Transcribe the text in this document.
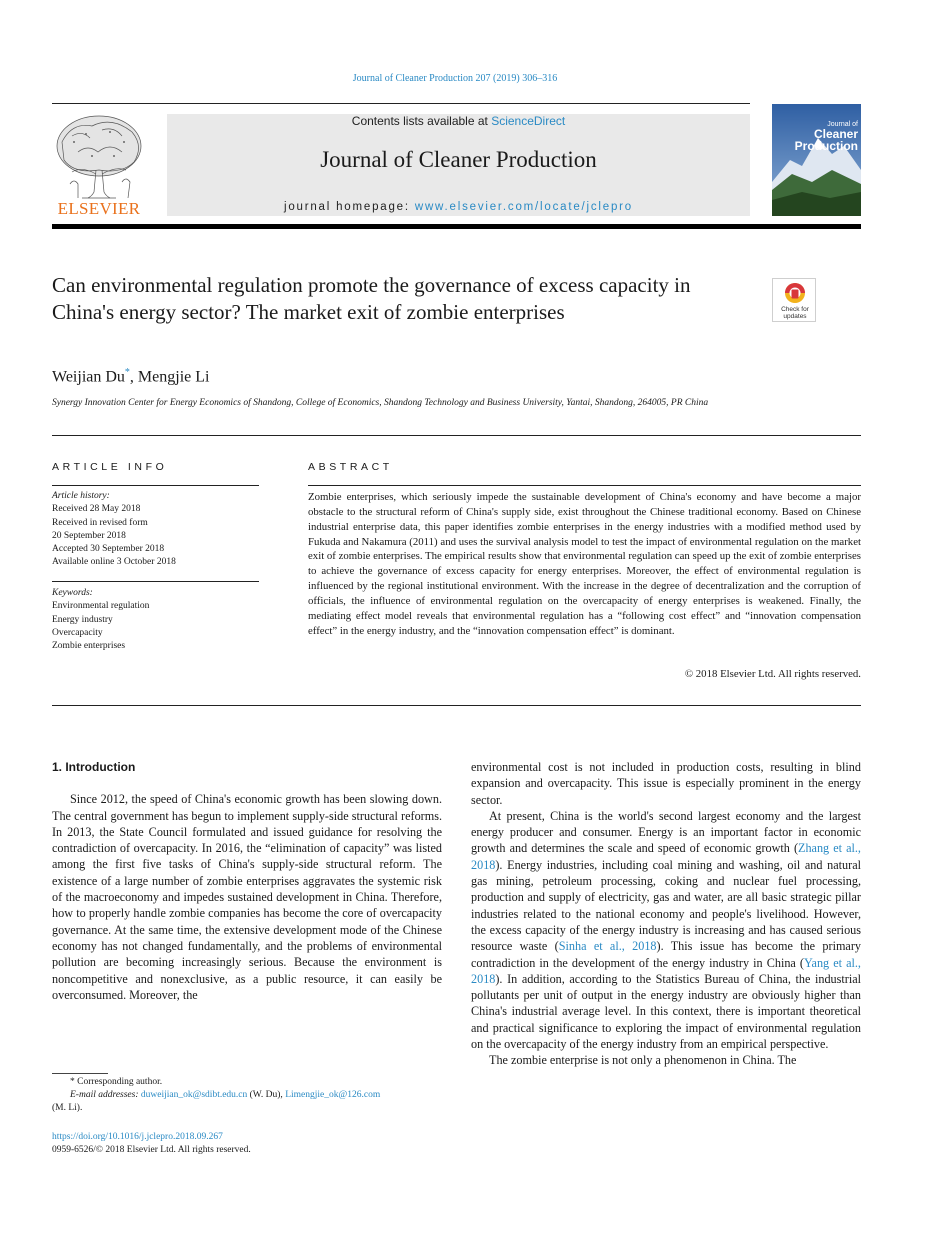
Journal of Cleaner Production 207 (2019) 306–316
ELSEVIER
Contents lists available at ScienceDirect
Journal of Cleaner Production
journal homepage: www.elsevier.com/locate/jclepro
Journal of
Cleaner
Production
Can environmental regulation promote the governance of excess capacity in China's energy sector? The market exit of zombie enterprises	Check for
updates
Weijian Du*, Mengjie Li
Synergy Innovation Center for Energy Economics of Shandong, College of Economics, Shandong Technology and Business University, Yantai, Shandong, 264005, PR China
ARTICLE INFO	ABSTRACT
Article history:
Received 28 May 2018
Received in revised form
20 September 2018
Accepted 30 September 2018
Available online 3 October 2018
Keywords:
Environmental regulation
Energy industry
Overcapacity
Zombie enterprises
Zombie enterprises, which seriously impede the sustainable development of China's economy and have become a major obstacle to the structural reform of China's supply side, exist throughout the Chinese traditional economy. Based on Chinese industrial enterprise data, this paper identifies zombie enterprises in the energy industries with a modified method used by Fukuda and Nakamura (2011) and uses the survival analysis model to test the impact of environmental regulation on the market exit of zombie enterprises. The empirical results show that environmental regulation can speed up the exit of zombie enterprises to achieve the governance of excess capacity for energy enterprises. Moreover, the effect of environmental regulation is influenced by the regional institutional environment. With the increase in the degree of decentralization and the corruption of officials, the influence of environmental regulation on the overcapacity of energy enterprises is weakened. Finally, the mediating effect model reveals that environmental regulation has a “following cost effect” and “innovation compensation effect” in the energy industry, and the “innovation compensation effect” is dominant.
© 2018 Elsevier Ltd. All rights reserved.
1. Introduction

Since 2012, the speed of China's economic growth has been slowing down. The central government has begun to implement supply-side structural reforms. In 2013, the State Council formulated and issued guidance for resolving the contradiction of overcapacity. In 2016, the “elimination of capacity” was listed among the first five tasks of China's supply-side structural reform. The existence of a large number of zombie enterprises aggravates the systemic risk of the macroeconomy and impedes sustained development in China. Therefore, how to properly handle zombie companies has become the core of overcapacity governance. At the same time, the extensive development mode of the Chinese economy has not changed fundamentally, and the problems of environmental pollution are becoming increasingly serious. Because the environment is noncompetitive and nonexclusive, as a public resource, it can easily be overconsumed. Moreover, the

environmental cost is not included in production costs, resulting in blind expansion and overcapacity. This issue is especially prominent in the energy sector.

At present, China is the world's second largest economy and the largest energy producer and consumer. Energy is an important factor in economic growth and determines the scale and speed of economic growth (Zhang et al., 2018). Energy industries, including coal mining and washing, oil and natural gas mining, petroleum processing, coking and nuclear fuel processing, production and supply of electricity, gas and water, are all basic strategic pillar industries related to the national economy and people's livelihood. However, the excess capacity of the energy industry is increasing and has caused serious resource waste (Sinha et al., 2018). This issue has become the primary contradiction in the development of the energy industry in China (Yang et al., 2018). In addition, according to the Statistics Bureau of China, the industrial pollutants per unit of output in the energy industry are obviously higher than China's industrial average level. In this context, there is important theoretical and practical significance to exploring the impact of environmental regulation on the overcapacity of the energy industry from an empirical perspective.

The zombie enterprise is not only a phenomenon in China. The

* Corresponding author.
E-mail addresses: duweijian_ok@sdibt.edu.cn (W. Du), Limengjie_ok@126.com
(M. Li).
https://doi.org/10.1016/j.jclepro.2018.09.267
0959-6526/© 2018 Elsevier Ltd. All rights reserved.
